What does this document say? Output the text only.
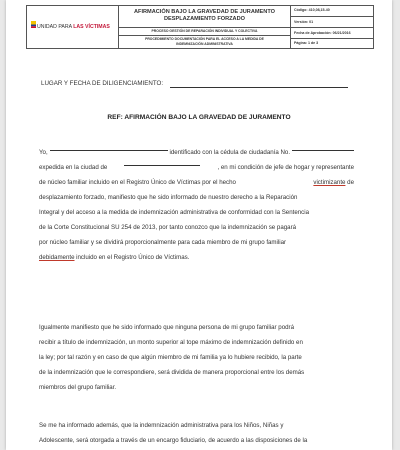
UNIDAD PARA LAS VÍCTIMAS
AFIRMACIÓN BAJO LA GRAVEDAD DE JURAMENTO
DESPLAZAMIENTO FORZADO
PROCESO GESTIÓN DE REPARACIÓN INDIVIDUAL Y COLECTIVA
PROCEDIMIENTO DOCUMENTACIÓN PARA EL ACCESO A LA MEDIDA DE
INDEMNIZACIÓN ADMINISTRATIVA
Código: 410,08,15-40
Versión: 01
Fecha de Aprobación: 06/21/2016
Página: 1 de 3
LUGAR Y FECHA DE DILIGENCIAMIENTO:
REF: AFIRMACIÓN BAJO LA GRAVEDAD DE JURAMENTO
Yo,	identificado con la cédula de ciudadanía No.
expedida en la ciudad de	, en mi condición de jefe de hogar y representante
de núcleo familiar incluido en el Registro Único de Víctimas por el hecho	victimizante de
desplazamiento forzado, manifiesto que he sido informado de nuestro derecho a la Reparación
Integral y del acceso a la medida de indemnización administrativa de conformidad con la Sentencia
de la Corte Constitucional SU 254 de 2013, por tanto conozco que la indemnización se pagará
por núcleo familiar y se dividirá proporcionalmente para cada miembro de mi grupo familiar
debidamente incluido en el Registro Único de Víctimas.
Igualmente manifiesto que he sido informado que ninguna persona de mi grupo familiar podrá
recibir a título de indemnización, un monto superior al tope máximo de indemnización definido en
la ley; por tal razón y en caso de que algún miembro de mi familia ya lo hubiere recibido, la parte
de la indemnización que le correspondiere, será dividida de manera proporcional entre los demás
miembros del grupo familiar.
Se me ha informado además, que la indemnización administrativa para los Niños, Niñas y
Adolescente, será otorgada a través de un encargo fiduciario, de acuerdo a las disposiciones de la
